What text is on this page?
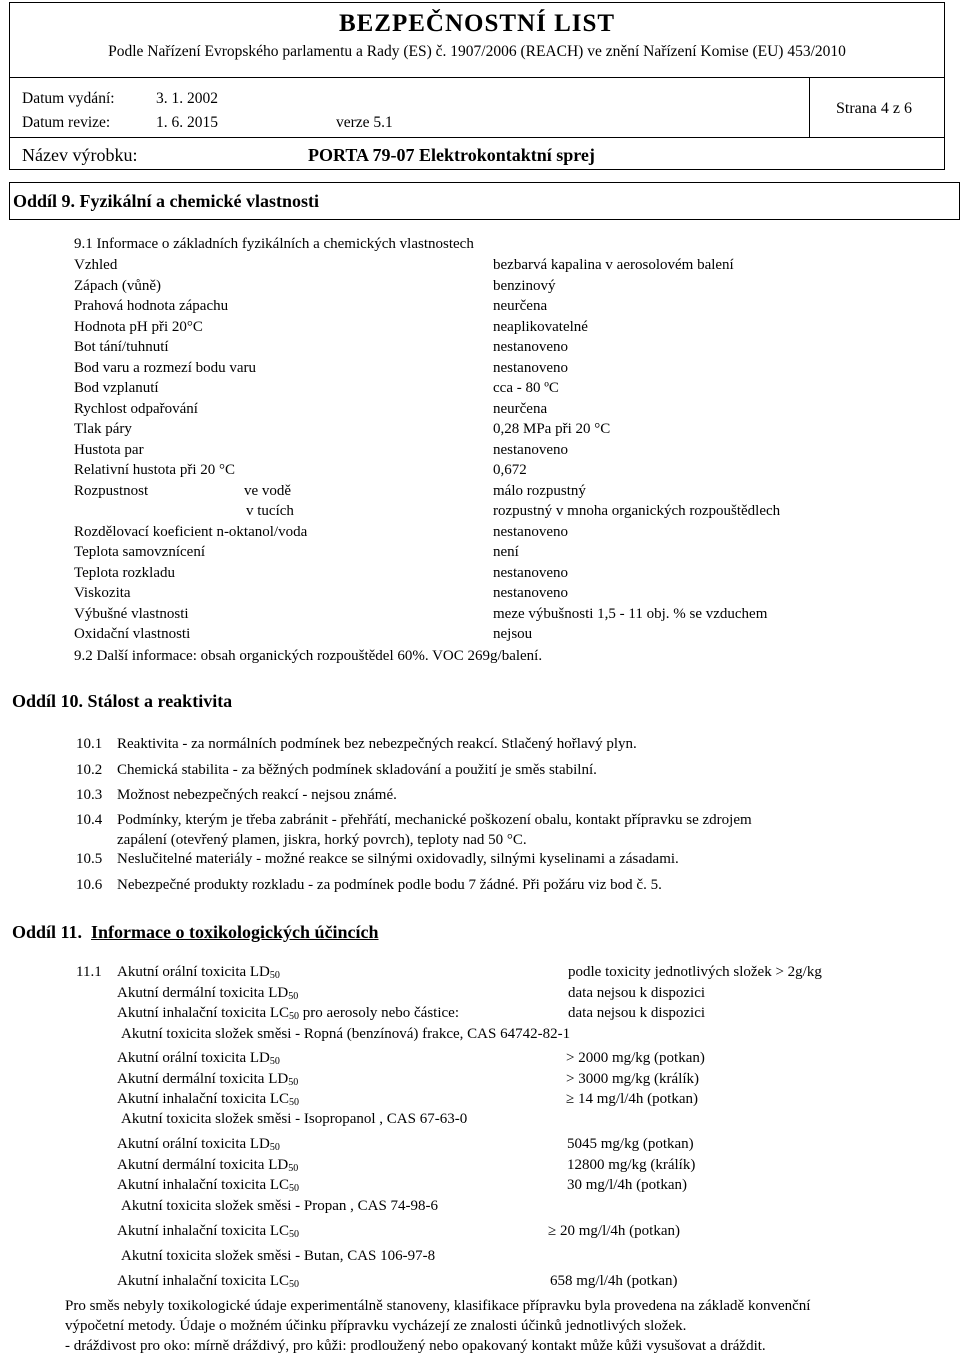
BEZPEČNOSTNÍ LIST
Podle Nařízení Evropského parlamentu a Rady (ES) č. 1907/2006 (REACH) ve znění Nařízení Komise (EU) 453/2010
Datum vydání:	3. 1. 2002
Datum revize:	1. 6. 2015	verze 5.1
Strana 4 z 6
Název výrobku:	PORTA 79-07 Elektrokontaktní sprej
Oddíl 9. Fyzikální a chemické vlastnosti
9.1 Informace o základních fyzikálních a chemických vlastnostech
Vzhled	bezbarvá kapalina v aerosolovém balení
Zápach (vůně)	benzinový
Prahová hodnota zápachu	neurčena
Hodnota pH při 20°C	neaplikovatelné
Bot tání/tuhnutí	nestanoveno
Bod varu a rozmezí bodu varu	nestanoveno
Bod vzplanutí	cca - 80 ºC
Rychlost odpařování	neurčena
Tlak páry	0,28 MPa při 20 °C
Hustota par	nestanoveno
Relativní hustota při 20 °C	0,672
Rozpustnost	ve vodě	málo rozpustný
v tucích	rozpustný v mnoha organických rozpouštědlech
Rozdělovací koeficient n-oktanol/voda	nestanoveno
Teplota samovznícení	není
Teplota rozkladu	nestanoveno
Viskozita	nestanoveno
Výbušné vlastnosti	meze výbušnosti 1,5 - 11 obj. % se vzduchem
Oxidační vlastnosti	nejsou
9.2 Další informace: obsah organických rozpouštědel 60%. VOC 269g/balení.
Oddíl 10. Stálost a reaktivita
10.1 Reaktivita - za normálních podmínek bez nebezpečných reakcí. Stlačený hořlavý plyn.
10.2 Chemická stabilita - za běžných podmínek skladování a použití je směs stabilní.
10.3 Možnost nebezpečných reakcí - nejsou známé.
10.4 Podmínky, kterým je třeba zabránit - přehřátí, mechanické poškození obalu, kontakt přípravku se zdrojem
zapálení (otevřený plamen, jiskra, horký povrch), teploty nad 50 °C.
10.5 Neslučitelné materiály - možné reakce se silnými oxidovadly, silnými kyselinami a zásadami.
10.6 Nebezpečné produkty rozkladu - za podmínek podle bodu 7 žádné. Při požáru viz bod č. 5.
Oddíl 11. Informace o toxikologických účincích
11.1 Akutní orální toxicita $LD_{50}$	podle toxicity jednotlivých složek > 2g/kg
Akutní dermální toxicita $LD_{50}$	data nejsou k dispozici
Akutní inhalační toxicita $LC_{50}$ pro aerosoly nebo částice:	data nejsou k dispozici
Akutní toxicita složek směsi - Ropná (benzínová) frakce, CAS 64742-82-1
Akutní orální toxicita $LD_{50}$	> 2000 mg/kg (potkan)
Akutní dermální toxicita $LD_{50}$	> 3000 mg/kg (králík)
Akutní inhalační toxicita $LC_{50}$	≥ 14 mg/l/4h (potkan)
Akutní toxicita složek směsi - Isopropanol , CAS 67-63-0
Akutní orální toxicita $LD_{50}$	5045 mg/kg (potkan)
Akutní dermální toxicita $LD_{50}$	12800 mg/kg (králík)
Akutní inhalační toxicita $LC_{50}$	30 mg/l/4h (potkan)
Akutní toxicita složek směsi - Propan , CAS 74-98-6
Akutní inhalační toxicita $LC_{50}$	≥ 20 mg/l/4h (potkan)
Akutní toxicita složek směsi - Butan, CAS 106-97-8
Akutní inhalační toxicita $LC_{50}$	658 mg/l/4h (potkan)
Pro směs nebyly toxikologické údaje experimentálně stanoveny, klasifikace přípravku byla provedena na základě konvenční
výpočetní metody. Údaje o možném účinku přípravku vycházejí ze znalosti účinků jednotlivých složek.
- dráždivost pro oko: mírně dráždivý, pro kůži: prodloužený nebo opakovaný kontakt může kůži vysušovat a dráždit.
